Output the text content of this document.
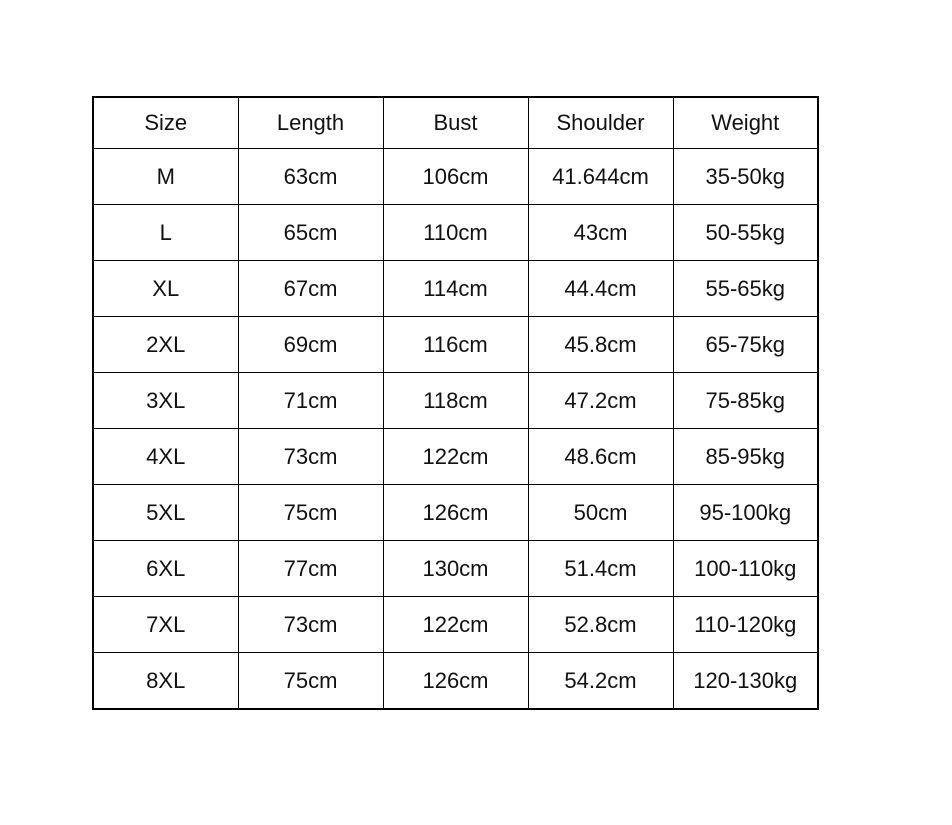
Size	Length	Bust	Shoulder	Weight
M	63cm	106cm	41.644cm	35-50kg
L	65cm	110cm	43cm	50-55kg
XL	67cm	114cm	44.4cm	55-65kg
2XL	69cm	116cm	45.8cm	65-75kg
3XL	71cm	118cm	47.2cm	75-85kg
4XL	73cm	122cm	48.6cm	85-95kg
5XL	75cm	126cm	50cm	95-100kg
6XL	77cm	130cm	51.4cm	100-110kg
7XL	73cm	122cm	52.8cm	110-120kg
8XL	75cm	126cm	54.2cm	120-130kg
